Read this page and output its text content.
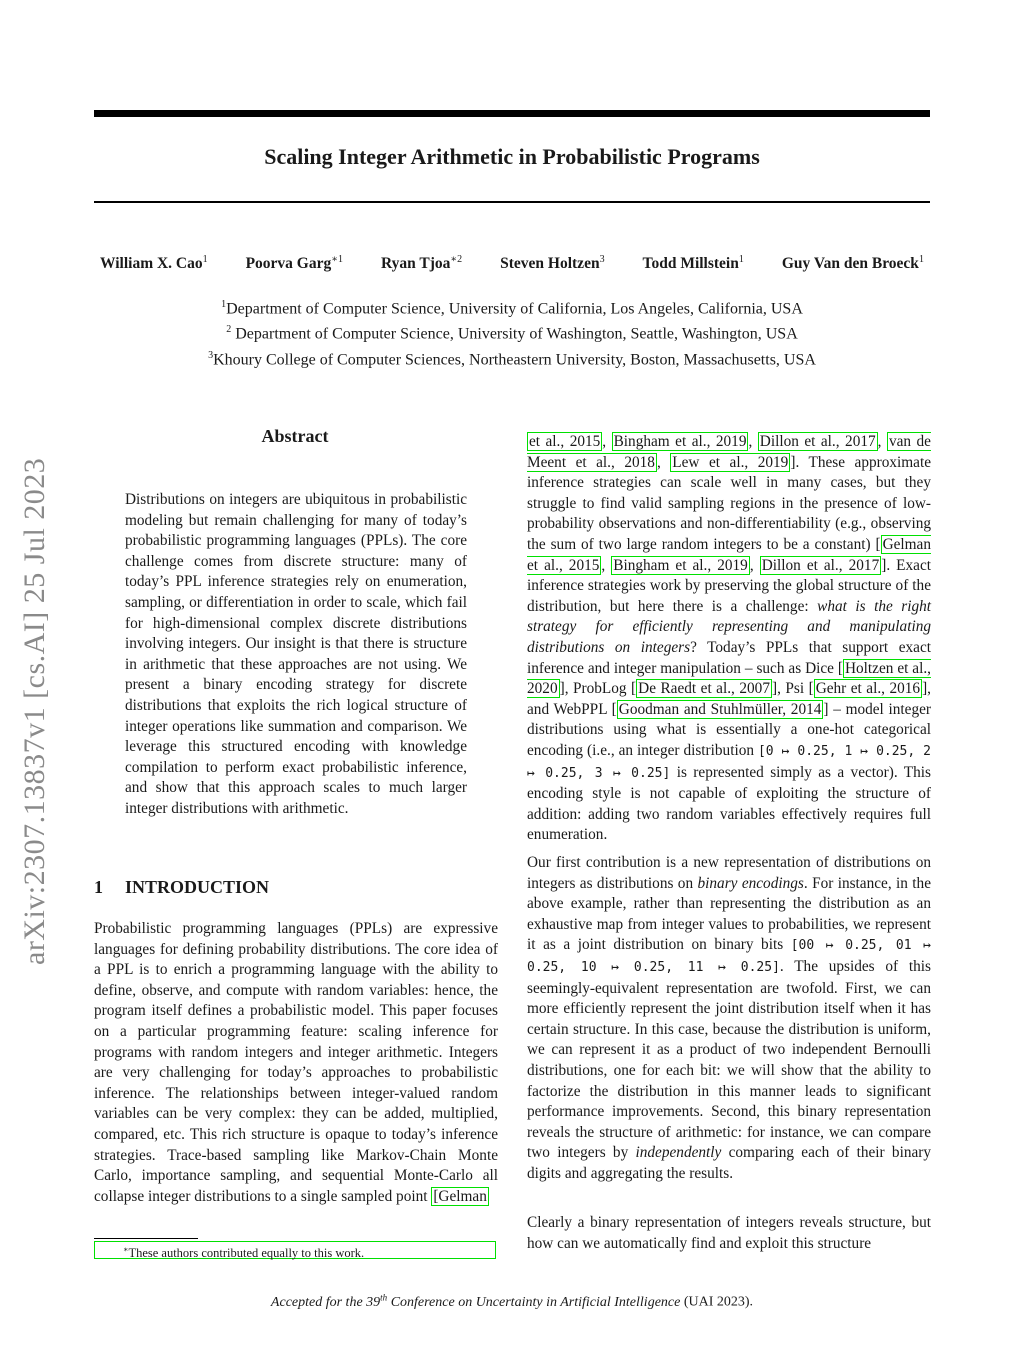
Scaling Integer Arithmetic in Probabilistic Programs
William X. Cao$^1$ Poorva Garg$^{∗1}$ Ryan Tjoa$^{∗2}$ Steven Holtzen$^3$ Todd Millstein$^1$ Guy Van den Broeck$^1$
$^1$Department of Computer Science, University of California, Los Angeles, California, USA
$^2$ Department of Computer Science, University of Washington, Seattle, Washington, USA
$^3$Khoury College of Computer Sciences, Northeastern University, Boston, Massachusetts, USA
arXiv:2307.13837v1 [cs.AI] 25 Jul 2023
Abstract
Distributions on integers are ubiquitous in probabilistic modeling but remain challenging for many of today’s probabilistic programming languages (PPLs). The core challenge comes from discrete structure: many of today’s PPL inference strategies rely on enumeration, sampling, or differentiation in order to scale, which fail for high-dimensional complex discrete distributions involving integers. Our insight is that there is structure in arithmetic that these approaches are not using. We present a binary encoding strategy for discrete distributions that exploits the rich logical structure of integer operations like summation and comparison. We leverage this structured encoding with knowledge compilation to perform exact probabilistic inference, and show that this approach scales to much larger integer distributions with arithmetic.
1 INTRODUCTION
Probabilistic programming languages (PPLs) are expressive languages for defining probability distributions. The core idea of a PPL is to enrich a programming language with the ability to define, observe, and compute with random variables: hence, the program itself defines a probabilistic model. This paper focuses on a particular programming feature: scaling inference for programs with random integers and integer arithmetic. Integers are very challenging for today’s approaches to probabilistic inference. The relationships between integer-valued random variables can be very complex: they can be added, multiplied, compared, etc. This rich structure is opaque to today’s inference strategies. Trace-based sampling like Markov-Chain Monte Carlo, importance sampling, and sequential Monte-Carlo all collapse integer distributions to a single sampled point [Gelman
∗These authors contributed equally to this work.
et al., 2015 , Bingham et al., 2019 , Dillon et al., 2017 , van de Meent et al., 2018 , Lew et al., 2019 ]. These approximate inference strategies can scale well in many cases, but they struggle to find valid sampling regions in the presence of low-probability observations and non-differentiability (e.g., observing the sum of two large random integers to be a constant) [ Gelman et al., 2015 , Bingham et al., 2019 , Dillon et al., 2017 ]. Exact inference strategies work by preserving the global structure of the distribution, but here there is a challenge: what is the right strategy for efficiently representing and manipulating distributions on integers? Today’s PPLs that support exact inference and integer manipulation – such as Dice [ Holtzen et al., 2020 ], ProbLog [ De Raedt et al., 2007 ], Psi [ Gehr et al., 2016 ], and WebPPL [ Goodman and Stuhlmüller, 2014 ] – model integer distributions using what is essentially a one-hot categorical encoding (i.e., an integer distribution [0 ↦ 0.25, 1 ↦ 0.25, 2 ↦ 0.25, 3 ↦ 0.25] is represented simply as a vector). This encoding style is not capable of exploiting the structure of addition: adding two random variables effectively requires full enumeration.
Our first contribution is a new representation of distributions on integers as distributions on binary encodings. For instance, in the above example, rather than representing the distribution as an exhaustive map from integer values to probabilities, we represent it as a joint distribution on binary bits [00 ↦ 0.25, 01 ↦ 0.25, 10 ↦ 0.25, 11 ↦ 0.25]. The upsides of this seemingly-equivalent representation are twofold. First, we can more efficiently represent the joint distribution itself when it has certain structure. In this case, because the distribution is uniform, we can represent it as a product of two independent Bernoulli distributions, one for each bit: we will show that the ability to factorize the distribution in this manner leads to significant performance improvements. Second, this binary representation reveals the structure of arithmetic: for instance, we can compare two integers by independently comparing each of their binary digits and aggregating the results.
Clearly a binary representation of integers reveals structure, but how can we automatically find and exploit this structure
Accepted for the 39th Conference on Uncertainty in Artificial Intelligence (UAI 2023).
